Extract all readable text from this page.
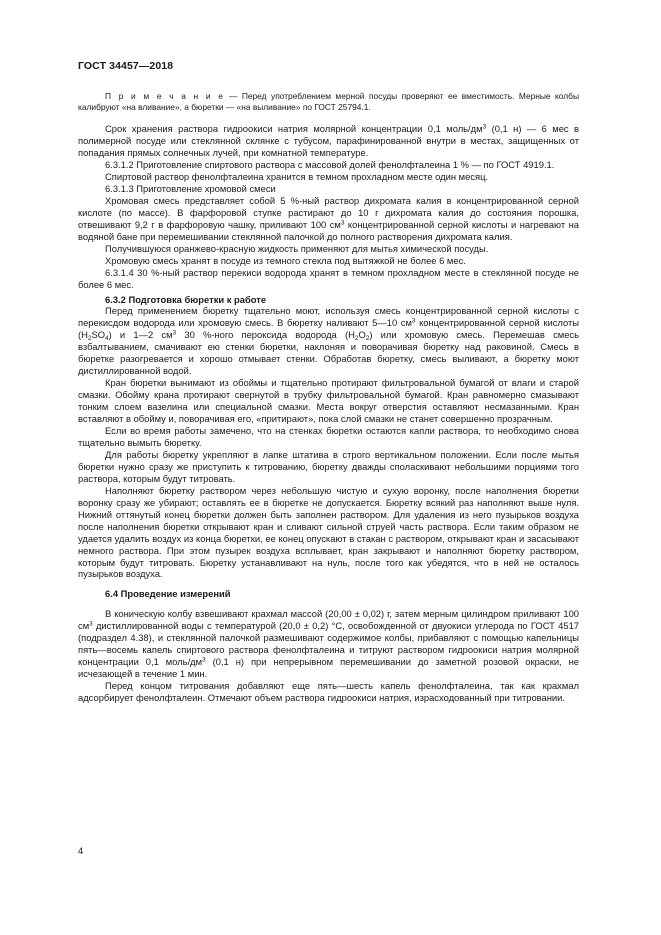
ГОСТ 34457—2018

П р и м е ч а н и е — Перед употреблением мерной посуды проверяют ее вместимость. Мерные колбы калибруют «на вливание», а бюретки — «на выливание» по ГОСТ 25794.1.

Срок хранения раствора гидроокиси натрия молярной концентрации 0,1 моль/$дм^3$ (0,1 н) — 6 мес в полимерной посуде или стеклянной склянке с тубусом, парафинированной внутри в местах, защищенных от попадания прямых солнечных лучей, при комнатной температуре.

6.3.1.2 Приготовление спиртового раствора с массовой долей фенолфталеина 1 % — по ГОСТ 4919.1.

Спиртовой раствор фенолфталеина хранится в темном прохладном месте один месяц.

6.3.1.3 Приготовление хромовой смеси

Хромовая смесь представляет собой 5 %-ный раствор дихромата калия в концентрированной серной кислоте (по массе). В фарфоровой ступке растирают до 10 г дихромата калия до состояния порошка, отвешивают 9,2 г в фарфоровую чашку, приливают 100 $см^3$ концентрированной серной кислоты и нагревают на водяной бане при перемешивании стеклянной палочкой до полного растворения дихромата калия.

Получившуюся оранжево-красную жидкость применяют для мытья химической посуды.

Хромовую смесь хранят в посуде из темного стекла под вытяжкой не более 6 мес.

6.3.1.4 30 %-ный раствор перекиси водорода хранят в темном прохладном месте в стеклянной посуде не более 6 мес.

6.3.2 Подготовка бюретки к работе

Перед применением бюретку тщательно моют, используя смесь концентрированной серной кислоты с перекисдом водорода или хромовую смесь. В бюретку наливают 5—10 $см^3$ концентрированной серной кислоты $(H_2SO_4)$ и 1—2 $см^3$ 30 %-ного пероксида водорода $(H_2O_2)$ или хромовую смесь. Перемешав смесь взбалтыванием, смачивают ею стенки бюретки, наклоняя и поворачивая бюретку над раковиной. Смесь в бюретке разогревается и хорошо отмывает стенки. Обработав бюретку, смесь выливают, а бюретку моют дистиллированной водой.

Кран бюретки вынимают из обоймы и тщательно протирают фильтровальной бумагой от влаги и старой смазки. Обойму крана протирают свернутой в трубку фильтровальной бумагой. Кран равномерно смазывают тонким слоем вазелина или специальной смазки. Места вокруг отверстия оставляют несмазанными. Кран вставляют в обойму и, поворачивая его, «притирают», пока слой смазки не станет совершенно прозрачным.

Если во время работы замечено, что на стенках бюретки остаются капли раствора, то необходимо снова тщательно вымыть бюретку.

Для работы бюретку укрепляют в лапке штатива в строго вертикальном положении. Если после мытья бюретки нужно сразу же приступить к титрованию, бюретку дважды споласкивают небольшими порциями того раствора, которым будут титровать.

Наполняют бюретку раствором через небольшую чистую и сухую воронку, после наполнения бюретки воронку сразу же убирают; оставлять ее в бюретке не допускается. Бюретку всякий раз наполняют выше нуля. Нижний оттянутый конец бюретки должен быть заполнен раствором. Для удаления из него пузырьков воздуха после наполнения бюретки открывают кран и сливают сильной струей часть раствора. Если таким образом не удается удалить воздух из конца бюретки, ее конец опускают в стакан с раствором, открывают кран и засасывают немного раствора. При этом пузырек воздуха всплывает, кран закрывают и наполняют бюретку раствором, которым будут титровать. Бюретку устанавливают на нуль, после того как убедятся, что в ней не осталось пузырьков воздуха.

6.4 Проведение измерений

В коническую колбу взвешивают крахмал массой (20,00 ± 0,02) г, затем мерным цилиндром приливают 100 $см^3$ дистиллированной воды с температурой (20,0 ± 0,2) °С, освобожденной от двуокиси углерода по ГОСТ 4517 (подраздел 4.38), и стеклянной палочкой размешивают содержимое колбы, прибавляют с помощью капельницы пять—восемь капель спиртового раствора фенолфталеина и титруют раствором гидроокиси натрия молярной концентрации 0,1 моль/$дм^3$ (0,1 н) при непрерывном перемешивании до заметной розовой окраски, не исчезающей в течение 1 мин.

Перед концом титрования добавляют еще пять—шесть капель фенолфталеина, так как крахмал адсорбирует фенолфталеин. Отмечают объем раствора гидроокиси натрия, израсходованный при титровании.

4
